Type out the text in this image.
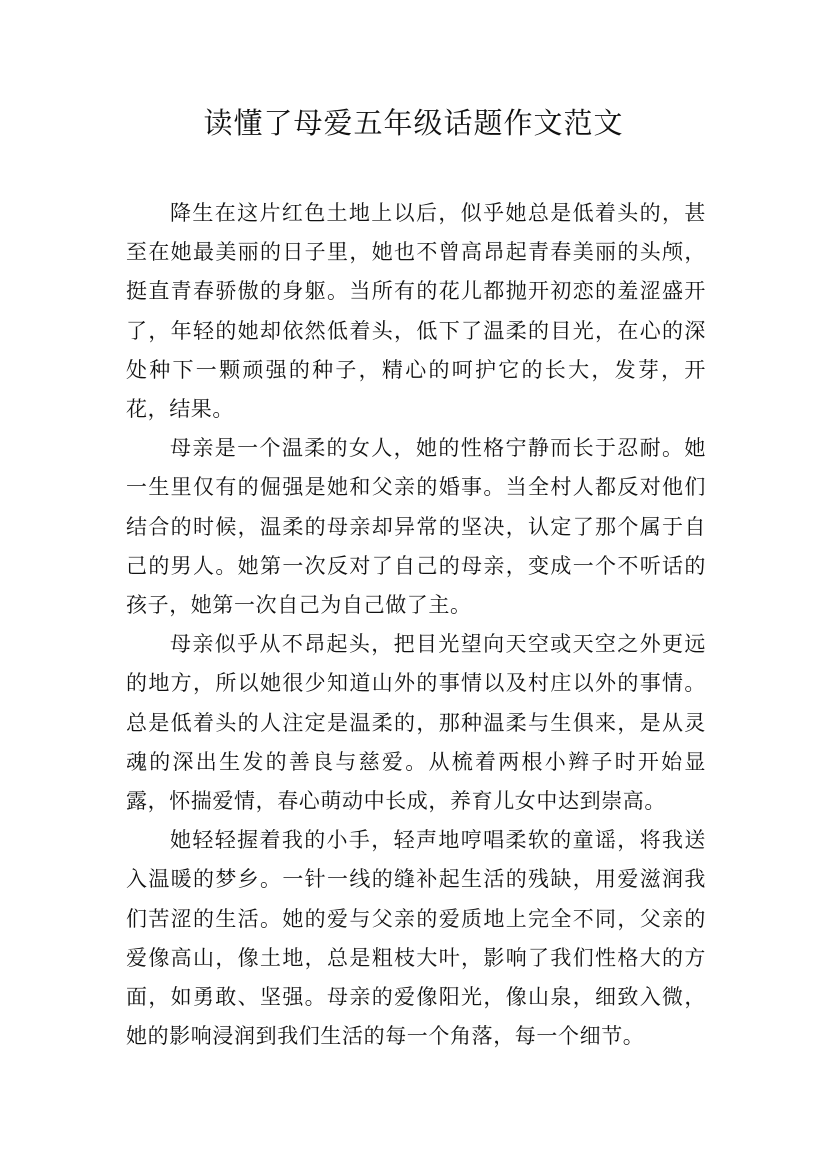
读懂了母爱五年级话题作文范文

降生在这片红色土地上以后，似乎她总是低着头的，甚至在她最美丽的日子里，她也不曾高昂起青春美丽的头颅，挺直青春骄傲的身躯。当所有的花儿都抛开初恋的羞涩盛开了，年轻的她却依然低着头，低下了温柔的目光，在心的深处种下一颗顽强的种子，精心的呵护它的长大，发芽，开花，结果。

母亲是一个温柔的女人，她的性格宁静而长于忍耐。她一生里仅有的倔强是她和父亲的婚事。当全村人都反对他们结合的时候，温柔的母亲却异常的坚决，认定了那个属于自己的男人。她第一次反对了自己的母亲，变成一个不听话的孩子，她第一次自己为自己做了主。

母亲似乎从不昂起头，把目光望向天空或天空之外更远的地方，所以她很少知道山外的事情以及村庄以外的事情。总是低着头的人注定是温柔的，那种温柔与生俱来，是从灵魂的深出生发的善良与慈爱。从梳着两根小辫子时开始显露，怀揣爱情，春心萌动中长成，养育儿女中达到崇高。

她轻轻握着我的小手，轻声地哼唱柔软的童谣，将我送入温暖的梦乡。一针一线的缝补起生活的残缺，用爱滋润我们苦涩的生活。她的爱与父亲的爱质地上完全不同，父亲的爱像高山，像土地，总是粗枝大叶，影响了我们性格大的方面，如勇敢、坚强。母亲的爱像阳光，像山泉，细致入微，她的影响浸润到我们生活的每一个角落，每一个细节。
